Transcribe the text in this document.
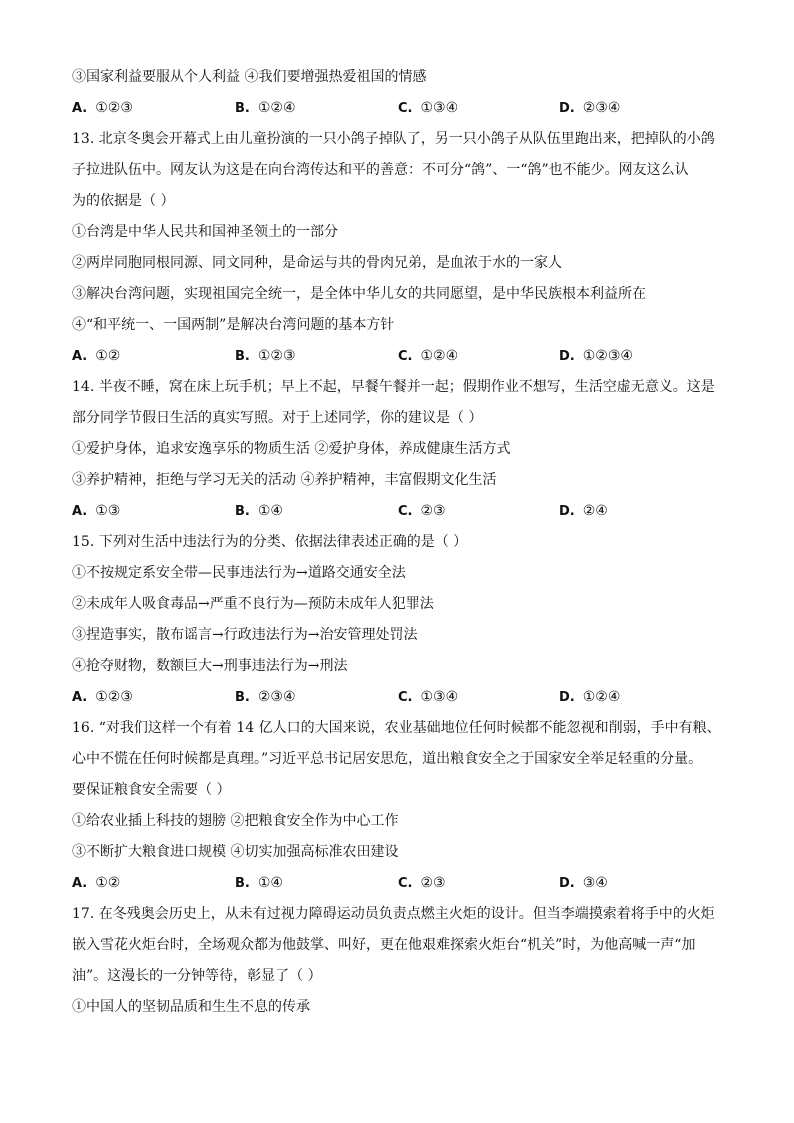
③国家利益要服从个人利益 ④我们要增强热爱祖国的情感
A. ①②③	B. ①②④	C. ①③④	D. ②③④
13. 北京冬奥会开幕式上由儿童扮演的一只小鸽子掉队了，另一只小鸽子从队伍里跑出来，把掉队的小鸽
子拉进队伍中。网友认为这是在向台湾传达和平的善意：不可分“鸽”、一“鸽”也不能少。网友这么认
为的依据是（ ）
①台湾是中华人民共和国神圣领土的一部分
②两岸同胞同根同源、同文同种，是命运与共的骨肉兄弟，是血浓于水的一家人
③解决台湾问题，实现祖国完全统一，是全体中华儿女的共同愿望，是中华民族根本利益所在
④“和平统一、一国两制”是解决台湾问题的基本方针
A. ①②	B. ①②③	C. ①②④	D. ①②③④
14. 半夜不睡，窝在床上玩手机；早上不起，早餐午餐并一起；假期作业不想写，生活空虚无意义。这是
部分同学节假日生活的真实写照。对于上述同学，你的建议是（ ）
①爱护身体，追求安逸享乐的物质生活 ②爱护身体，养成健康生活方式
③养护精神，拒绝与学习无关的活动 ④养护精神，丰富假期文化生活
A. ①③	B. ①④	C. ②③	D. ②④
15. 下列对生活中违法行为的分类、依据法律表述正确的是（ ）
①不按规定系安全带—民事违法行为→道路交通安全法
②未成年人吸食毒品→严重不良行为—预防未成年人犯罪法
③捏造事实，散布谣言→行政违法行为→治安管理处罚法
④抢夺财物，数额巨大→刑事违法行为→刑法
A. ①②③	B. ②③④	C. ①③④	D. ①②④
16. “对我们这样一个有着 14 亿人口的大国来说，农业基础地位任何时候都不能忽视和削弱，手中有粮、
心中不慌在任何时候都是真理。”习近平总书记居安思危，道出粮食安全之于国家安全举足轻重的分量。
要保证粮食安全需要（ ）
①给农业插上科技的翅膀 ②把粮食安全作为中心工作
③不断扩大粮食进口规模 ④切实加强高标准农田建设
A. ①②	B. ①④	C. ②③	D. ③④
17. 在冬残奥会历史上，从未有过视力障碍运动员负责点燃主火炬的设计。但当李端摸索着将手中的火炬
嵌入雪花火炬台时，全场观众都为他鼓掌、叫好，更在他艰难探索火炬台“机关”时，为他高喊一声“加
油”。这漫长的一分钟等待，彰显了（ ）
①中国人的坚韧品质和生生不息的传承
